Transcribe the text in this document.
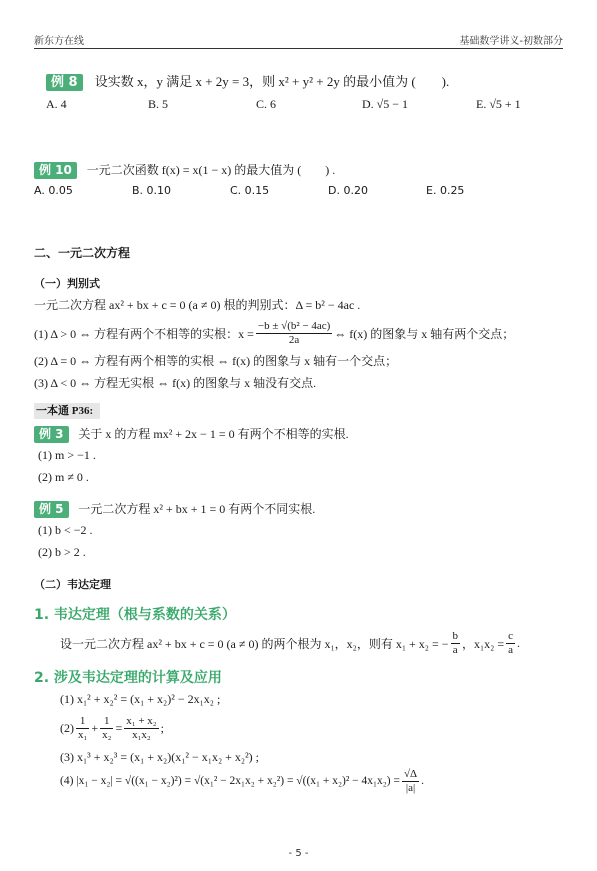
新东方在线	基础数学讲义-初数部分
例 8 设实数 x，y 满足 x + 2y = 3，则 x² + y² + 2y 的最小值为 (　　).
A. 4	B. 5	C. 6	D. √5 − 1	E. √5 + 1
例 10 一元二次函数 f(x) = x(1 − x) 的最大值为 (　　) .
A. 0.05	B. 0.10	C. 0.15	D. 0.20	E. 0.25
二、一元二次方程
（一）判别式
一元二次方程 ax² + bx + c = 0 (a ≠ 0) 根的判别式：Δ = b² − 4ac .
(1) Δ > 0 ⇔ 方程有两个不相等的实根：$x = \frac{\text{−b ± √(b² − 4ac)}}{2a}$ ⇔ f(x) 的图象与 x 轴有两个交点；
(2) Δ = 0 ⇔ 方程有两个相等的实根 ⇔ f(x) 的图象与 x 轴有一个交点；
(3) Δ < 0 ⇔ 方程无实根 ⇔ f(x) 的图象与 x 轴没有交点.
一本通 P36:
例 3 关于 x 的方程 mx² + 2x − 1 = 0 有两个不相等的实根.
(1) m > −1 .
(2) m ≠ 0 .
例 5 一元二次方程 x² + bx + 1 = 0 有两个不同实根.
(1) b < −2 .
(2) b > 2 .
（二）韦达定理
1. 韦达定理（根与系数的关系）
设一元二次方程 ax² + bx + c = 0 (a ≠ 0) 的两个根为 x₁，x₂，则有 x₁ + x₂ = − $\frac{b}{a}$ ，$x_1x_2 = \frac{c}{a}$ .
2. 涉及韦达定理的计算及应用
(1) x₁² + x₂² = (x₁ + x₂)² − 2x₁x₂ ;
$(2) \frac{1}{\text{x₁}} + \frac{1}{\text{x₂}} = \frac{\text{x₁ + x₂}}{\text{x₁x₂}}$ ;
(3) x₁³ + x₂³ = (x₁ + x₂)(x₁² − x₁x₂ + x₂²) ;
(4) $|x_1 - x_2| = √((x_1 - x_2)^2) = √(x_1^2 - 2x_1x_2 + x_2^2) = √((x_1 + x_2)^2 - 4x_1x_2) = \frac{√\Delta}{|a|}$ .
- 5 -
